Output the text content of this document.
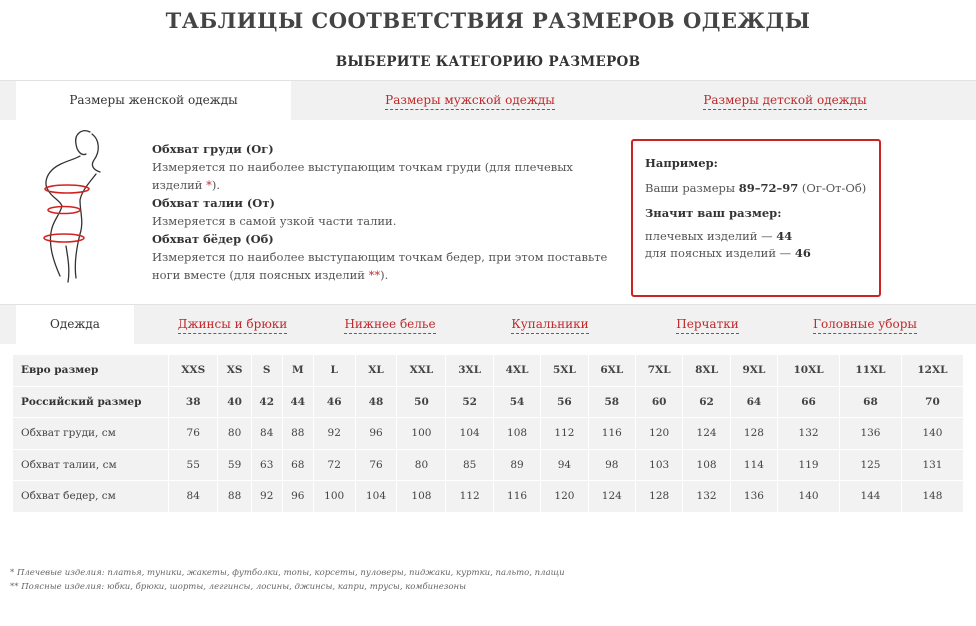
ТАБЛИЦЫ СООТВЕТСТВИЯ РАЗМЕРОВ ОДЕЖДЫ
ВЫБЕРИТЕ КАТЕГОРИЮ РАЗМЕРОВ
Размеры женской одежды	Размеры мужской одежды	Размеры детской одежды
Обхват груди (Ог)
Измеряется по наиболее выступающим точкам груди (для плечевых изделий *).
Обхват талии (От)
Измеряется в самой узкой части талии.
Обхват бёдер (Об)
Измеряется по наиболее выступающим точкам бедер, при этом поставьте ноги вместе (для поясных изделий **).
Например:
Ваши размеры 89–72–97 (Ог-От-Об)
Значит ваш размер:
плечевых изделий — 44
для поясных изделий — 46
Одежда	Джинсы и брюки	Нижнее белье	Купальники	Перчатки	Головные уборы
Евро размер	XXS	XS	S	M	L	XL	XXL	3XL	4XL	5XL	6XL	7XL	8XL	9XL	10XL	11XL	12XL
Российский размер	38	40	42	44	46	48	50	52	54	56	58	60	62	64	66	68	70
Обхват груди, см	76	80	84	88	92	96	100	104	108	112	116	120	124	128	132	136	140
Обхват талии, см	55	59	63	68	72	76	80	85	89	94	98	103	108	114	119	125	131
Обхват бедер, см	84	88	92	96	100	104	108	112	116	120	124	128	132	136	140	144	148
* Плечевые изделия: платья, туники, жакеты, футболки, топы, корсеты, пуловеры, пиджаки, куртки, пальто, плащи
** Поясные изделия: юбки, брюки, шорты, леггинсы, лосины, джинсы, капри, трусы, комбинезоны
